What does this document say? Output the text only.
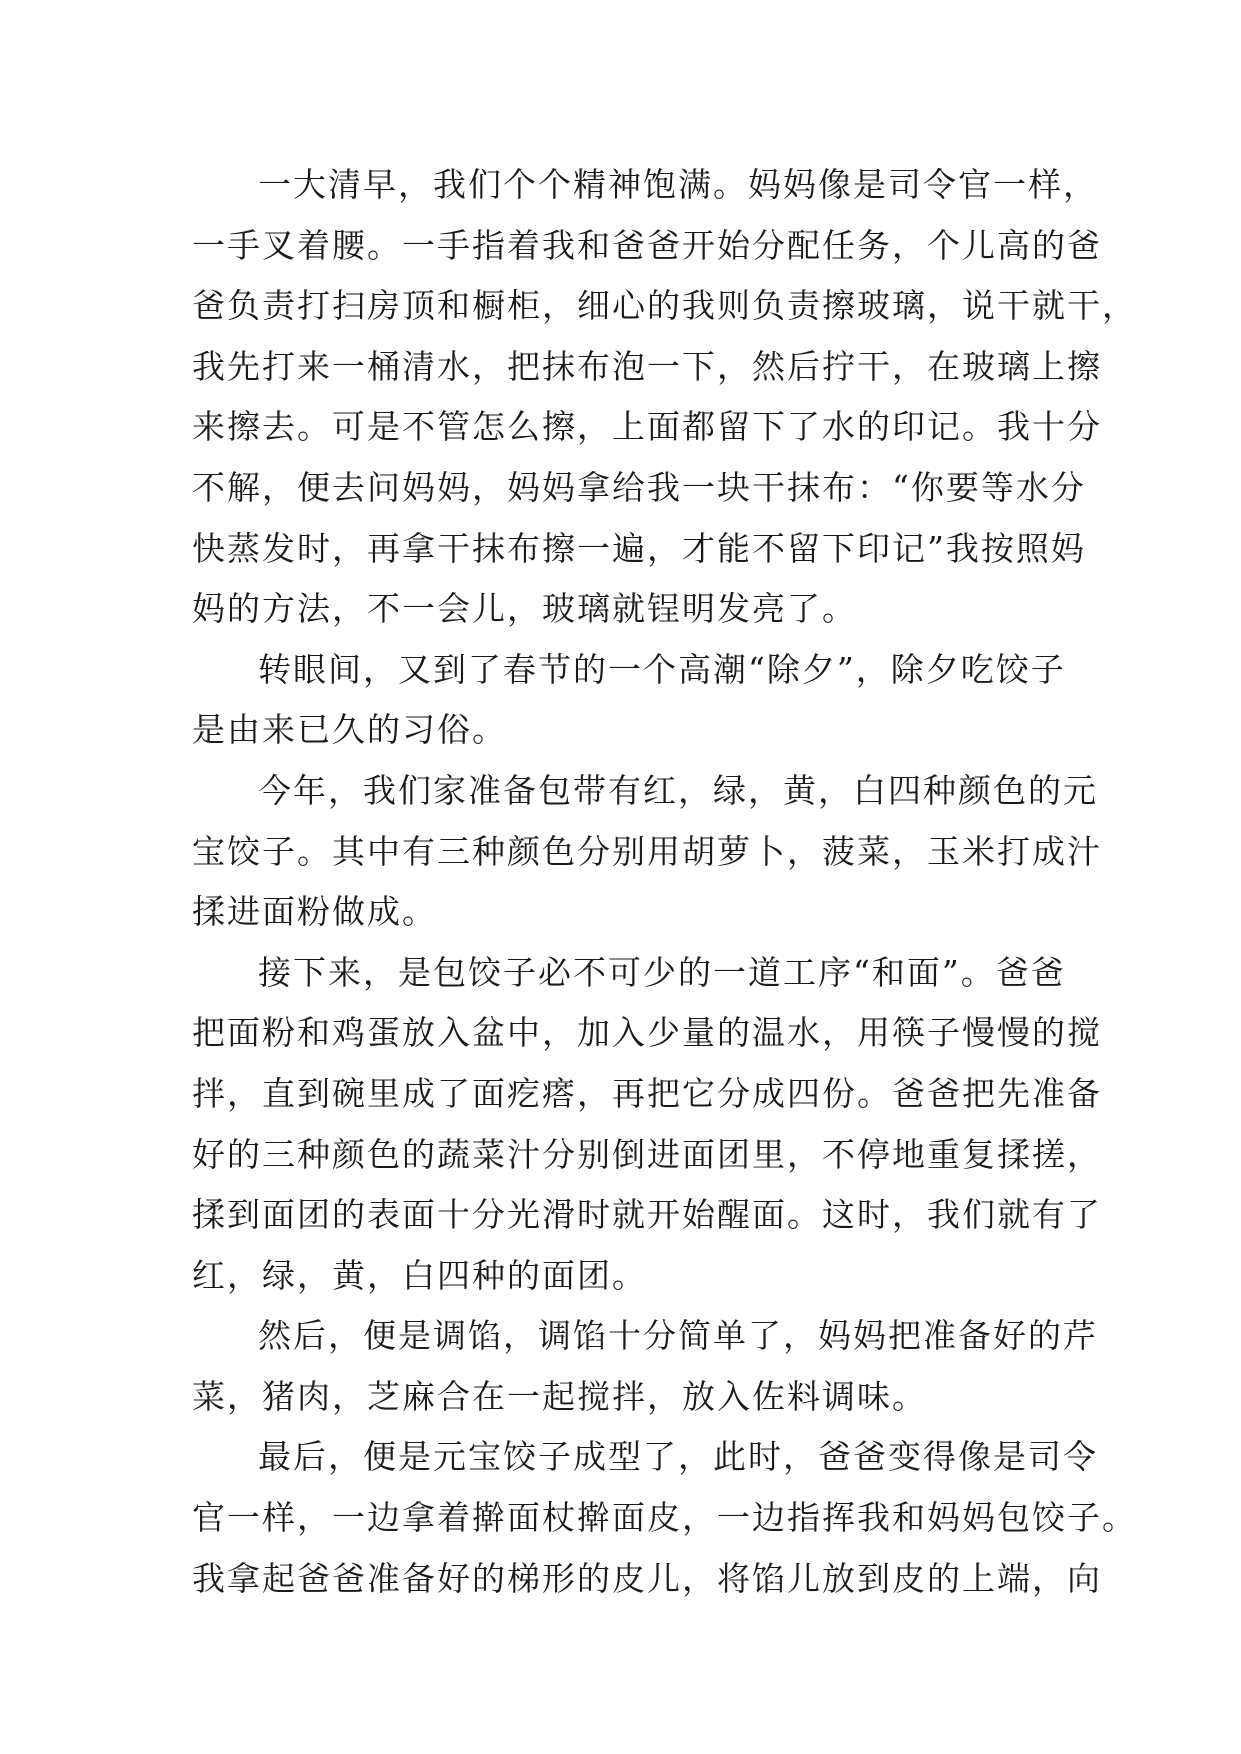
一大清早，我们个个精神饱满。妈妈像是司令官一样，
一手叉着腰。一手指着我和爸爸开始分配任务，个儿高的爸
爸负责打扫房顶和橱柜，细心的我则负责擦玻璃，说干就干，
我先打来一桶清水，把抹布泡一下，然后拧干，在玻璃上擦
来擦去。可是不管怎么擦，上面都留下了水的印记。我十分
不解，便去问妈妈，妈妈拿给我一块干抹布：“你要等水分
快蒸发时，再拿干抹布擦一遍，才能不留下印记”我按照妈
妈的方法，不一会儿，玻璃就锃明发亮了。
转眼间，又到了春节的一个高潮“除夕”，除夕吃饺子
是由来已久的习俗。
今年，我们家准备包带有红，绿，黄，白四种颜色的元
宝饺子。其中有三种颜色分别用胡萝卜，菠菜，玉米打成汁
揉进面粉做成。
接下来，是包饺子必不可少的一道工序“和面”。爸爸
把面粉和鸡蛋放入盆中，加入少量的温水，用筷子慢慢的搅
拌，直到碗里成了面疙瘩，再把它分成四份。爸爸把先准备
好的三种颜色的蔬菜汁分别倒进面团里，不停地重复揉搓，
揉到面团的表面十分光滑时就开始醒面。这时，我们就有了
红，绿，黄，白四种的面团。
然后，便是调馅，调馅十分简单了，妈妈把准备好的芹
菜，猪肉，芝麻合在一起搅拌，放入佐料调味。
最后，便是元宝饺子成型了，此时，爸爸变得像是司令
官一样，一边拿着擀面杖擀面皮，一边指挥我和妈妈包饺子。
我拿起爸爸准备好的梯形的皮儿，将馅儿放到皮的上端，向
